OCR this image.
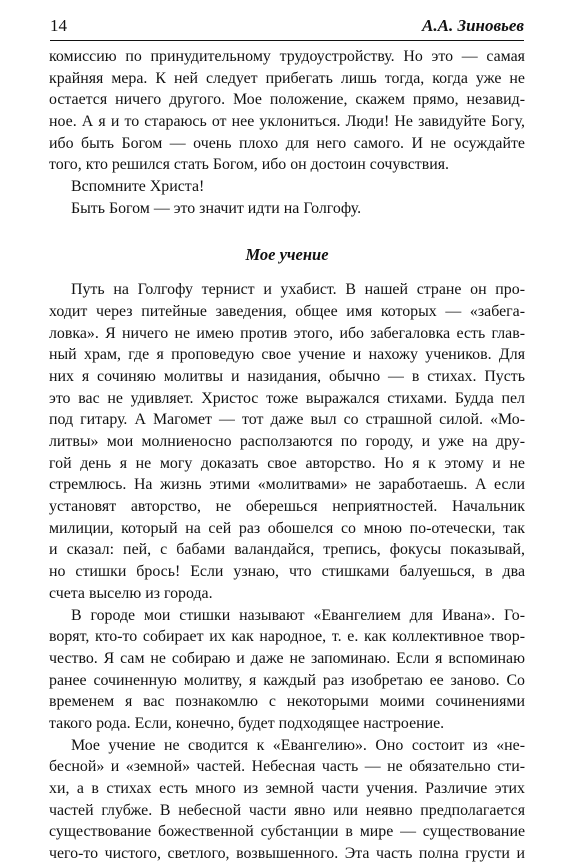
14	А.А. Зиновьев
комиссию по принудительному трудоустройству. Но это — самая
крайняя мера. К ней следует прибегать лишь тогда, когда уже не
остается ничего другого. Мое положение, скажем прямо, незавид-
ное. А я и то стараюсь от нее уклониться. Люди! Не завидуйте Богу,
ибо быть Богом — очень плохо для него самого. И не осуждайте
того, кто решился стать Богом, ибо он достоин сочувствия.
Вспомните Христа!
Быть Богом — это значит идти на Голгофу.
Мое учение
Путь на Голгофу тернист и ухабист. В нашей стране он про-
ходит через питейные заведения, общее имя которых — «забега-
ловка». Я ничего не имею против этого, ибо забегаловка есть глав-
ный храм, где я проповедую свое учение и нахожу учеников. Для
них я сочиняю молитвы и назидания, обычно — в стихах. Пусть
это вас не удивляет. Христос тоже выражался стихами. Будда пел
под гитару. А Магомет — тот даже выл со страшной силой. «Мо-
литвы» мои молниеносно расползаются по городу, и уже на дру-
гой день я не могу доказать свое авторство. Но я к этому и не
стремлюсь. На жизнь этими «молитвами» не заработаешь. А если
установят авторство, не оберешься неприятностей. Начальник
милиции, который на сей раз обошелся со мною по-отечески, так
и сказал: пей, с бабами валандайся, трепись, фокусы показывай,
но стишки брось! Если узнаю, что стишками балуешься, в два
счета выселю из города.
В городе мои стишки называют «Евангелием для Ивана». Го-
ворят, кто-то собирает их как народное, т. е. как коллективное твор-
чество. Я сам не собираю и даже не запоминаю. Если я вспоминаю
ранее сочиненную молитву, я каждый раз изобретаю ее заново. Со
временем я вас познакомлю с некоторыми моими сочинениями
такого рода. Если, конечно, будет подходящее настроение.
Мое учение не сводится к «Евангелию». Оно состоит из «не-
бесной» и «земной» частей. Небесная часть — не обязательно сти-
хи, а в стихах есть много из земной части учения. Различие этих
частей глубже. В небесной части явно или неявно предполагается
существование божественной субстанции в мире — существование
чего-то чистого, светлого, возвышенного. Эта часть полна грусти и
